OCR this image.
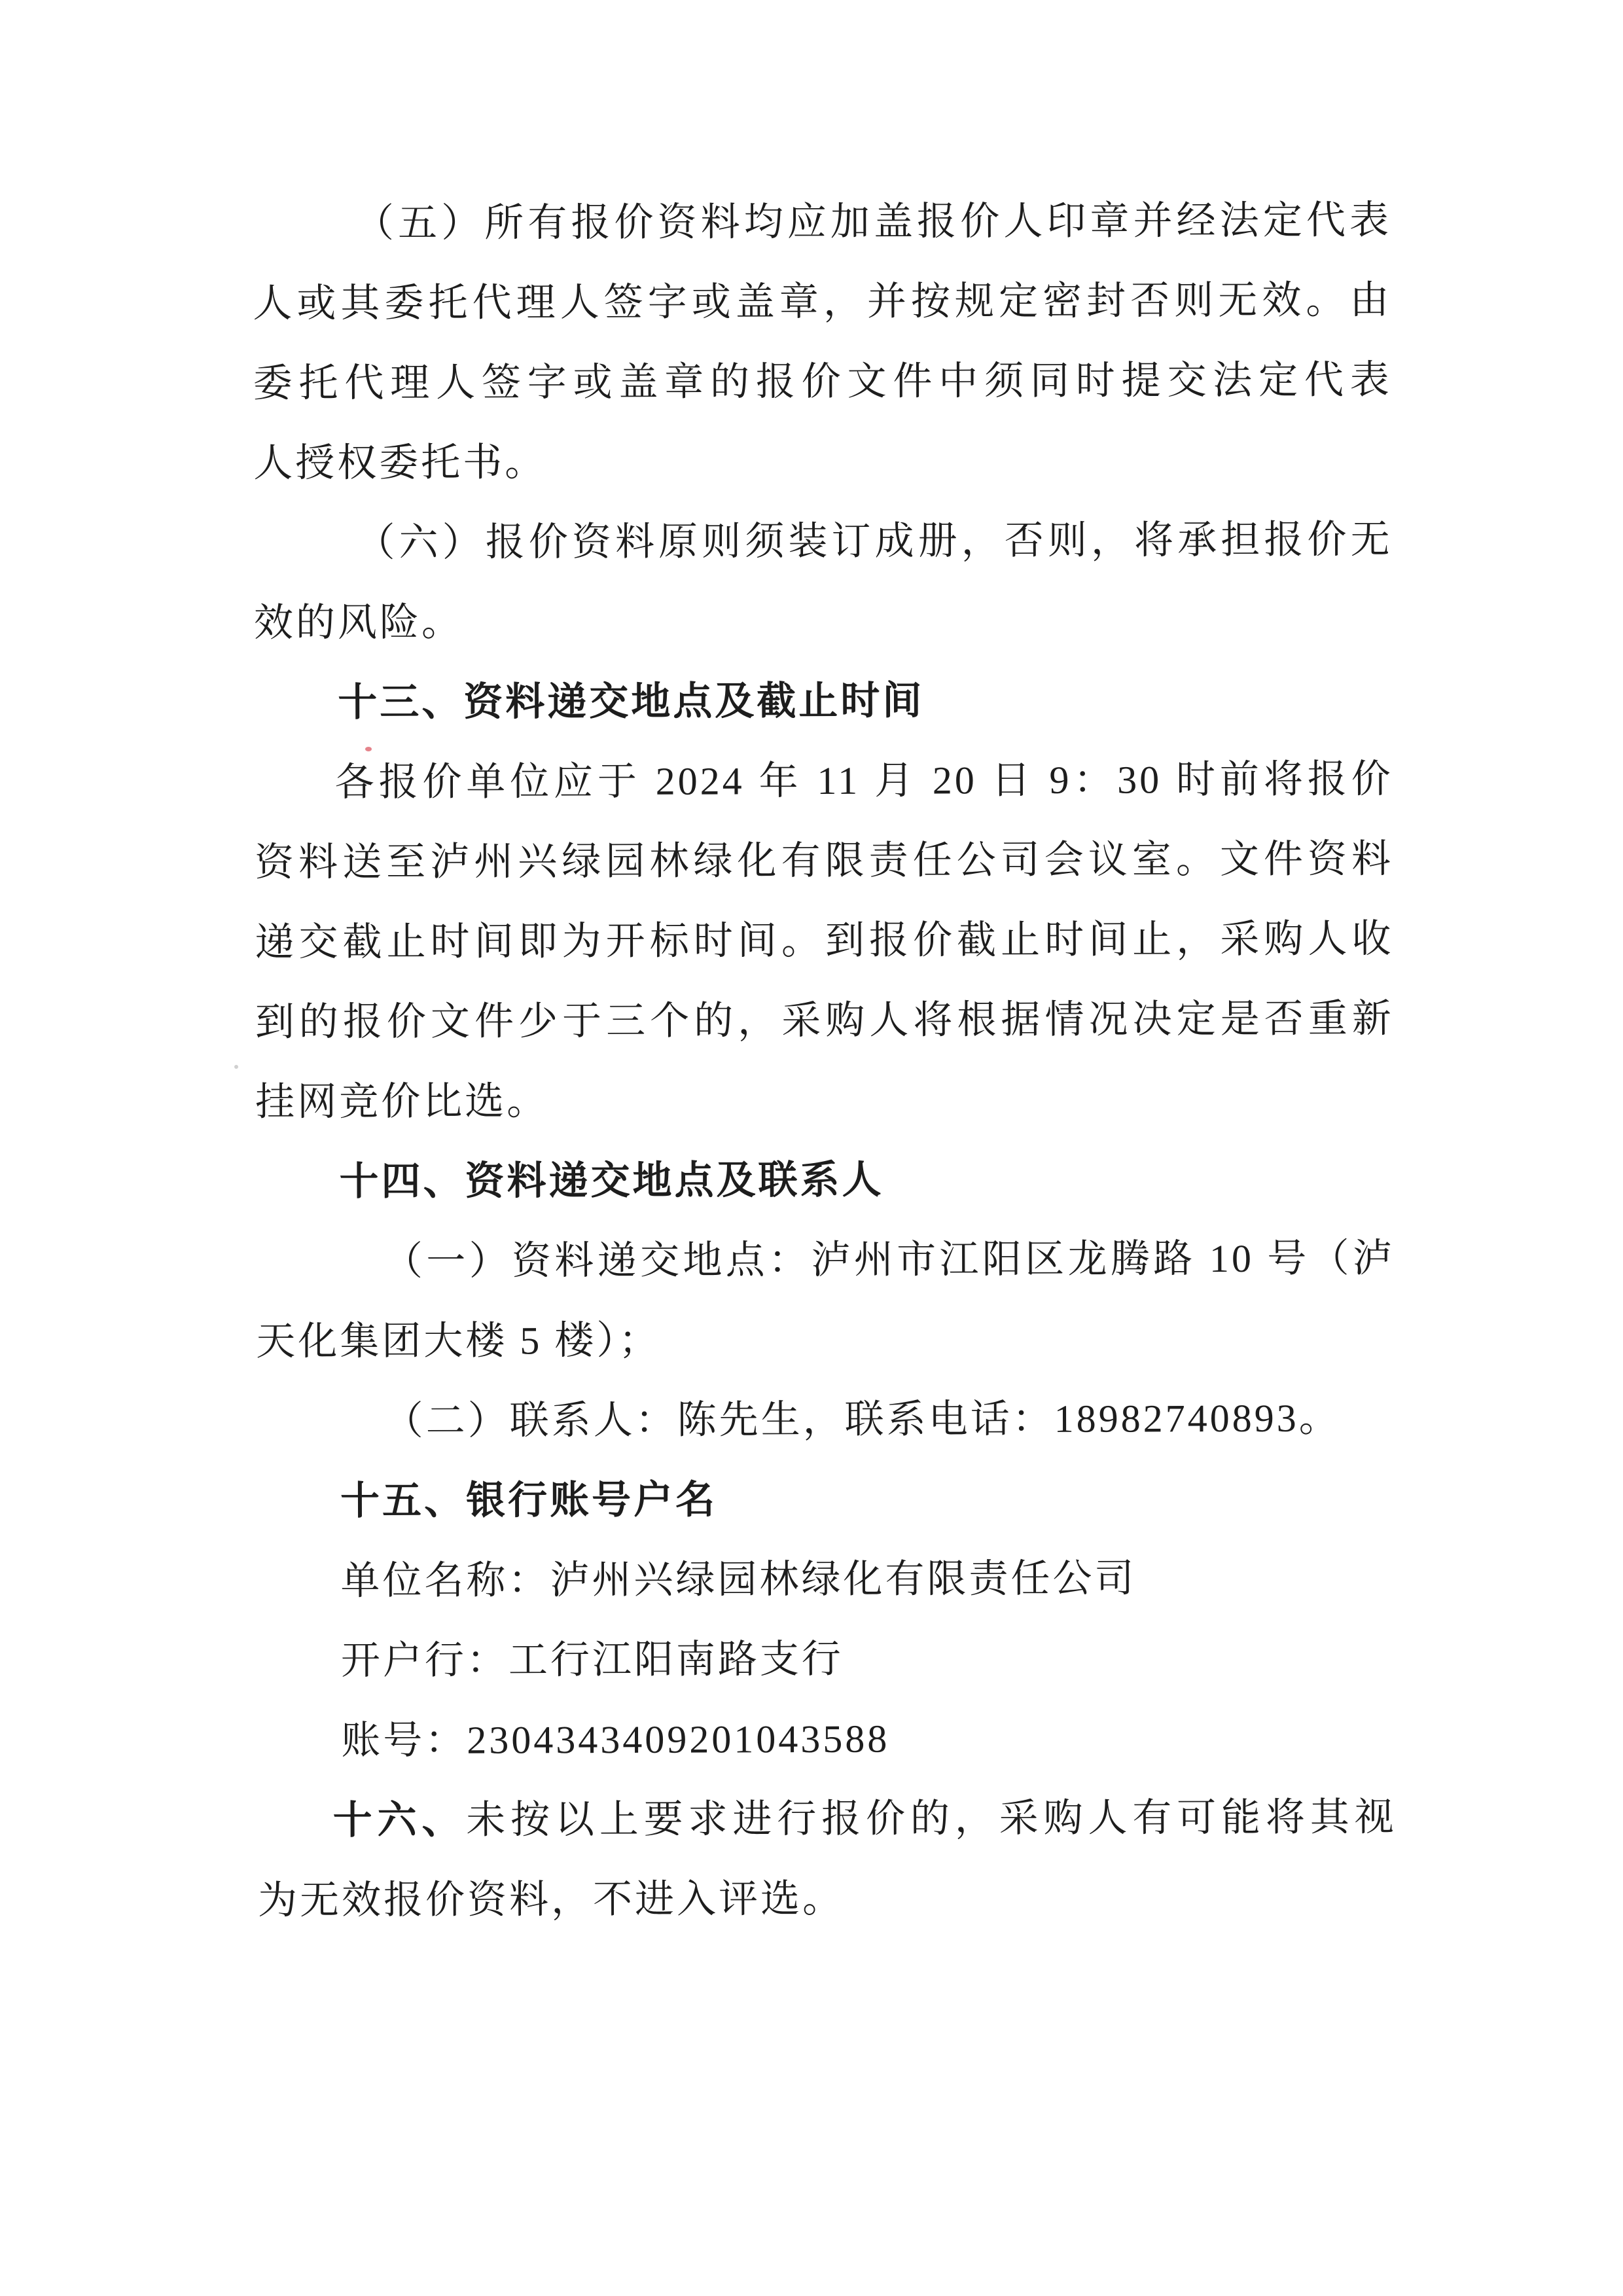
（五）所有报价资料均应加盖报价人印章并经法定代表
人或其委托代理人签字或盖章，并按规定密封否则无效。由
委托代理人签字或盖章的报价文件中须同时提交法定代表
人授权委托书。
（六）报价资料原则须装订成册，否则，将承担报价无
效的风险。
十三、资料递交地点及截止时间
各报价单位应于 2024 年 11 月 20 日 9：30 时前将报价
资料送至泸州兴绿园林绿化有限责任公司会议室。文件资料
递交截止时间即为开标时间。到报价截止时间止，采购人收
到的报价文件少于三个的，采购人将根据情况决定是否重新
挂网竞价比选。
十四、资料递交地点及联系人
（一）资料递交地点：泸州市江阳区龙腾路 10 号（泸
天化集团大楼 5 楼）；
（二）联系人：陈先生，联系电话：18982740893。
十五、银行账号户名
单位名称：泸州兴绿园林绿化有限责任公司
开户行：工行江阳南路支行
账号：2304343409201043588
十六、未按以上要求进行报价的，采购人有可能将其视
为无效报价资料，不进入评选。
